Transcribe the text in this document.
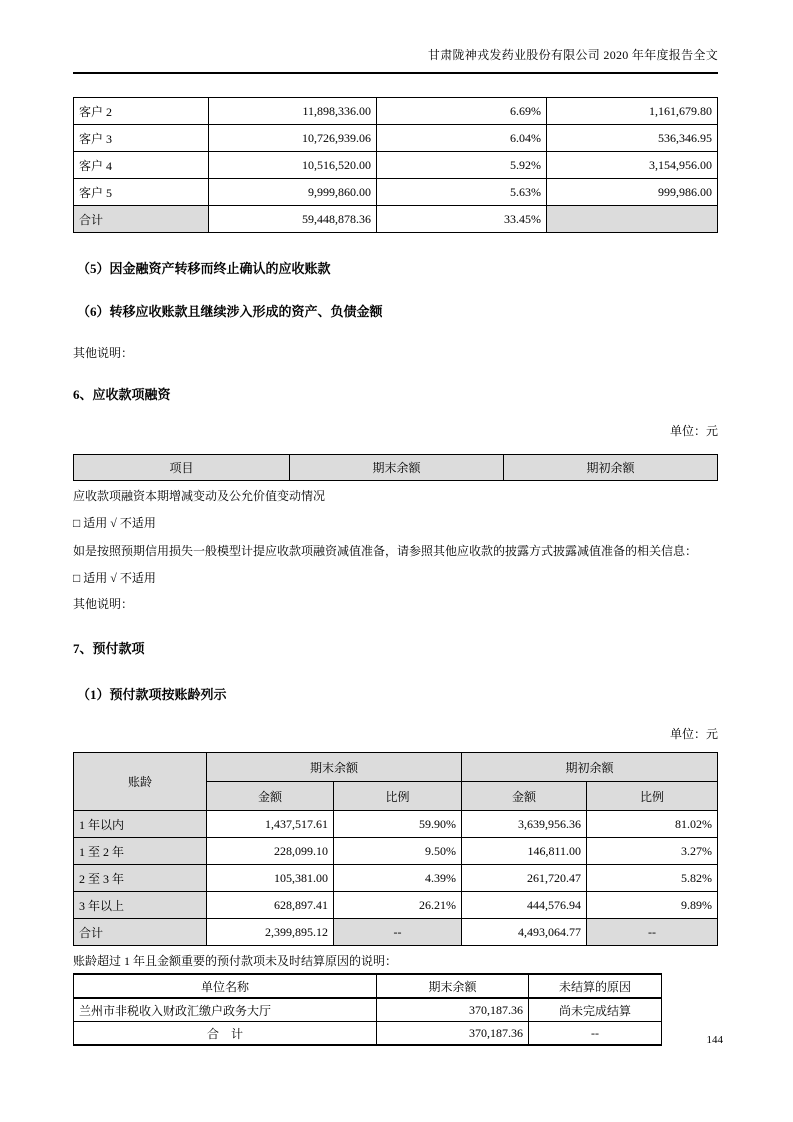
甘肃陇神戎发药业股份有限公司 2020 年年度报告全文
客户 2	11,898,336.00	6.69%	1,161,679.80
客户 3	10,726,939.06	6.04%	536,346.95
客户 4	10,516,520.00	5.92%	3,154,956.00
客户 5	9,999,860.00	5.63%	999,986.00
合计	59,448,878.36	33.45%	

（5）因金融资产转移而终止确认的应收账款

（6）转移应收账款且继续涉入形成的资产、负债金额

其他说明：

6、应收款项融资

单位：元

项目	期末余额	期初余额

应收款项融资本期增减变动及公允价值变动情况

□ 适用 √ 不适用

如是按照预期信用损失一般模型计提应收款项融资减值准备，请参照其他应收款的披露方式披露减值准备的相关信息：

□ 适用 √ 不适用

其他说明：

7、预付款项

（1）预付款项按账龄列示

单位：元

账龄	期末余额		期初余额	
	金额	比例	金额	比例
1 年以内	1,437,517.61	59.90%	3,639,956.36	81.02%
1 至 2 年	228,099.10	9.50%	146,811.00	3.27%
2 至 3 年	105,381.00	4.39%	261,720.47	5.82%
3 年以上	628,897.41	26.21%	444,576.94	9.89%
合计	2,399,895.12	--	4,493,064.77	--

账龄超过 1 年且金额重要的预付款项未及时结算原因的说明：

单位名称	期末余额	未结算的原因
兰州市非税收入财政汇缴户政务大厅	370,187.36	尚未完成结算
合　计	370,187.36	--
144
